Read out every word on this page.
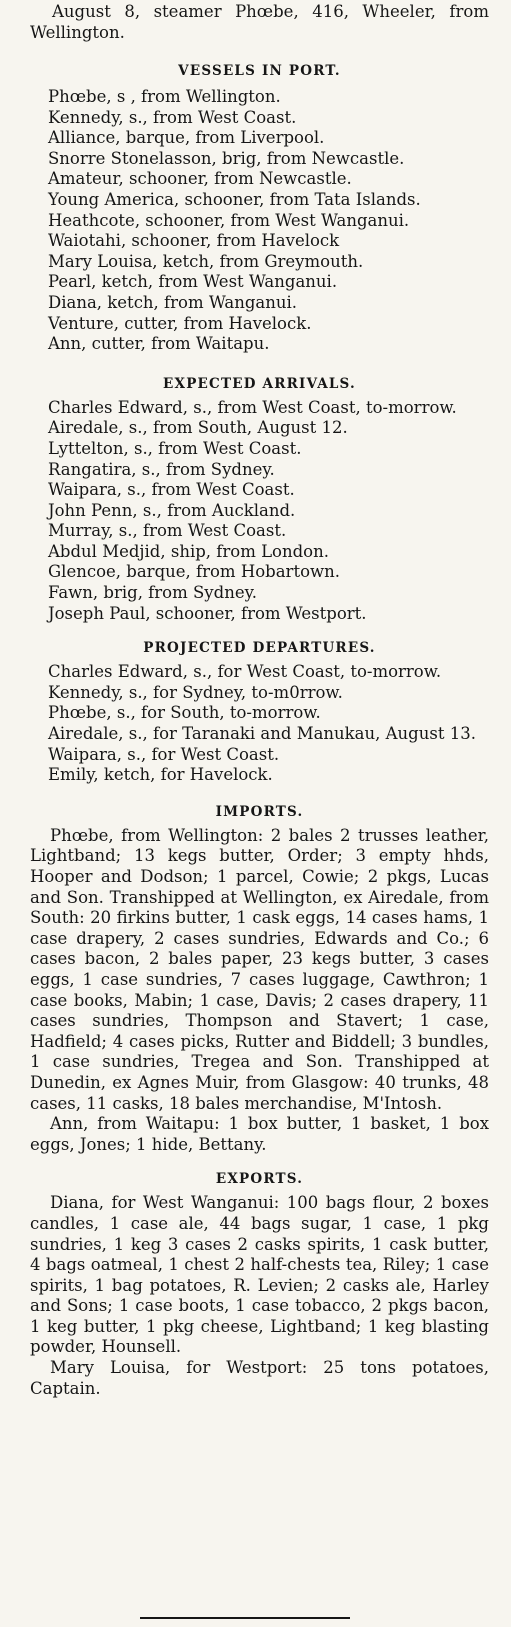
August 8, steamer Phœbe, 416, Wheeler, from Wellington.

VESSELS IN PORT.
Phœbe, s , from Wellington.
Kennedy, s., from West Coast.
Alliance, barque, from Liverpool.
Snorre Stonelasson, brig, from Newcastle.
Amateur, schooner, from Newcastle.
Young America, schooner, from Tata Islands.
Heathcote, schooner, from West Wanganui.
Waiotahi, schooner, from Havelock
Mary Louisa, ketch, from Greymouth.
Pearl, ketch, from West Wanganui.
Diana, ketch, from Wanganui.
Venture, cutter, from Havelock.
Ann, cutter, from Waitapu.
EXPECTED ARRIVALS.
Charles Edward, s., from West Coast, to-morrow.
Airedale, s., from South, August 12.
Lyttelton, s., from West Coast.
Rangatira, s., from Sydney.
Waipara, s., from West Coast.
John Penn, s., from Auckland.
Murray, s., from West Coast.
Abdul Medjid, ship, from London.
Glencoe, barque, from Hobartown.
Fawn, brig, from Sydney.
Joseph Paul, schooner, from Westport.
PROJECTED DEPARTURES.
Charles Edward, s., for West Coast, to-morrow.
Kennedy, s., for Sydney, to-m0rrow.
Phœbe, s., for South, to-morrow.
Airedale, s., for Taranaki and Manukau, August 13.
Waipara, s., for West Coast.
Emily, ketch, for Havelock.
IMPORTS.

Phœbe, from Wellington: 2 bales 2 trusses leather, Lightband; 13 kegs butter, Order; 3 empty hhds, Hooper and Dodson; 1 parcel, Cowie; 2 pkgs, Lucas and Son. Transhipped at Wellington, ex Airedale, from South: 20 firkins butter, 1 cask eggs, 14 cases hams, 1 case drapery, 2 cases sundries, Edwards and Co.; 6 cases bacon, 2 bales paper, 23 kegs butter, 3 cases eggs, 1 case sundries, 7 cases luggage, Cawthron; 1 case books, Mabin; 1 case, Davis; 2 cases drapery, 11 cases sundries, Thompson and Stavert; 1 case, Hadfield; 4 cases picks, Rutter and Biddell; 3 bundles, 1 case sundries, Tregea and Son. Transhipped at Dunedin, ex Agnes Muir, from Glasgow: 40 trunks, 48 cases, 11 casks, 18 bales merchandise, M'Intosh.

Ann, from Waitapu: 1 box butter, 1 basket, 1 box eggs, Jones; 1 hide, Bettany.

EXPORTS.

Diana, for West Wanganui: 100 bags flour, 2 boxes candles, 1 case ale, 44 bags sugar, 1 case, 1 pkg sundries, 1 keg 3 cases 2 casks spirits, 1 cask butter, 4 bags oatmeal, 1 chest 2 half-chests tea, Riley; 1 case spirits, 1 bag potatoes, R. Levien; 2 casks ale, Harley and Sons; 1 case boots, 1 case tobacco, 2 pkgs bacon, 1 keg butter, 1 pkg cheese, Lightband; 1 keg blasting powder, Hounsell.

Mary Louisa, for Westport: 25 tons potatoes, Captain.
